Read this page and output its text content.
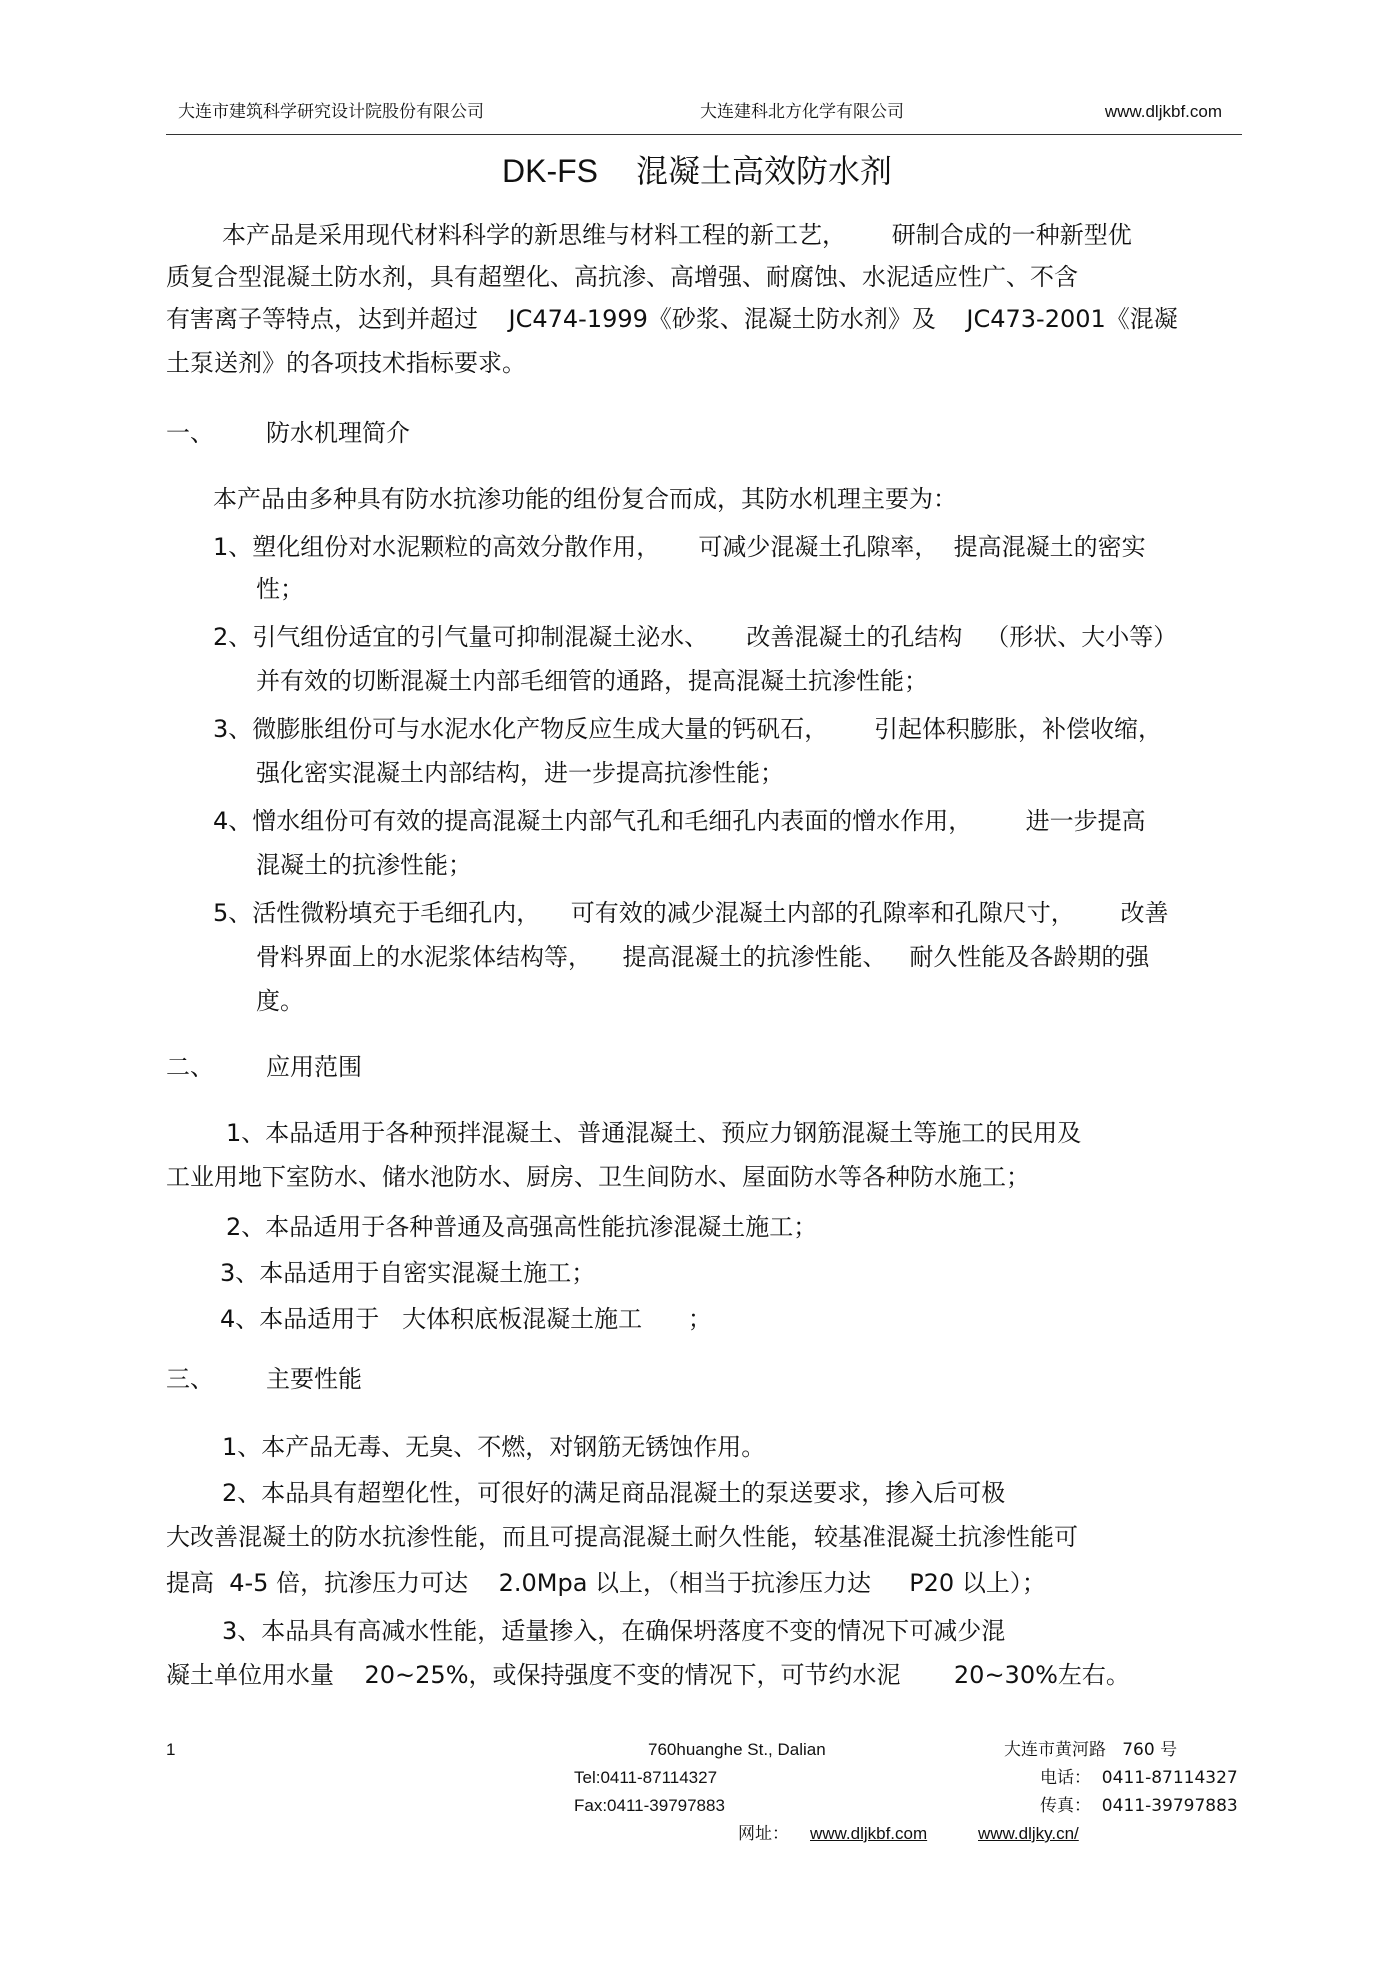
大连市建筑科学研究设计院股份有限公司	大连建科北方化学有限公司	www.dljkbf.com
DK-FS 混凝土高效防水剂
本产品是采用现代材料科学的新思维与材料工程的新工艺，      研制合成的一种新型优
质复合型混凝土防水剂，具有超塑化、高抗渗、高增强、耐腐蚀、水泥适应性广、不含
有害离子等特点，达到并超过    JC474-1999《砂浆、混凝土防水剂》及    JC473-2001《混凝
土泵送剂》的各项技术指标要求。
一、 防水机理简介
本产品由多种具有防水抗渗功能的组份复合而成，其防水机理主要为：
1、塑化组份对水泥颗粒的高效分散作用，     可减少混凝土孔隙率，  提高混凝土的密实
性；
2、引气组份适宜的引气量可抑制混凝土泌水、     改善混凝土的孔结构   （形状、大小等）
并有效的切断混凝土内部毛细管的通路，提高混凝土抗渗性能；
3、微膨胀组份可与水泥水化产物反应生成大量的钙矾石，      引起体积膨胀，补偿收缩，
强化密实混凝土内部结构，进一步提高抗渗性能；
4、憎水组份可有效的提高混凝土内部气孔和毛细孔内表面的憎水作用，       进一步提高
混凝土的抗渗性能；
5、活性微粉填充于毛细孔内，    可有效的减少混凝土内部的孔隙率和孔隙尺寸，      改善
骨料界面上的水泥浆体结构等，    提高混凝土的抗渗性能、   耐久性能及各龄期的强
度。
二、 应用范围
1、本品适用于各种预拌混凝土、普通混凝土、预应力钢筋混凝土等施工的民用及
工业用地下室防水、储水池防水、厨房、卫生间防水、屋面防水等各种防水施工；
2、本品适用于各种普通及高强高性能抗渗混凝土施工；
3、本品适用于自密实混凝土施工；
4、本品适用于   大体积底板混凝土施工      ；
三、 主要性能
1、本产品无毒、无臭、不燃，对钢筋无锈蚀作用。
2、本品具有超塑化性，可很好的满足商品混凝土的泵送要求，掺入后可极
大改善混凝土的防水抗渗性能，而且可提高混凝土耐久性能，较基准混凝土抗渗性能可
提高  4-5 倍，抗渗压力可达    2.0Mpa 以上，（相当于抗渗压力达     P20 以上）；
3、本品具有高减水性能，适量掺入，在确保坍落度不变的情况下可减少混
凝土单位用水量    20~25%，或保持强度不变的情况下，可节约水泥       20~30%左右。
1	760huanghe St., Dalian	大连市黄河路   760 号
Tel:0411-87114327	电话：  0411-87114327
Fax:0411-39797883	传真：  0411-39797883
网址： www.dljkbf.com	www.dljky.cn/
